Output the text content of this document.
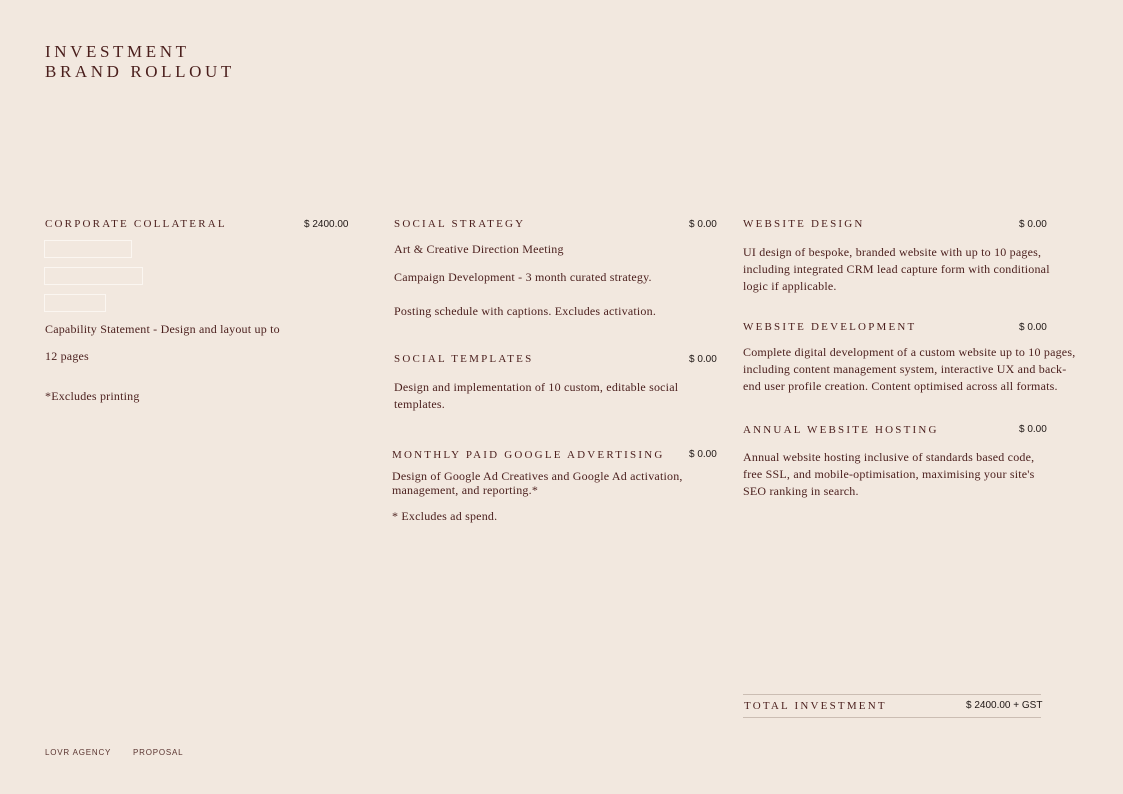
INVESTMENT
BRAND ROLLOUT
CORPORATE COLLATERAL	$ 2400.00
Capability Statement - Design and layout up to
12 pages
*Excludes printing
SOCIAL STRATEGY	$ 0.00
Art & Creative Direction Meeting
Campaign Development - 3 month curated strategy.
Posting schedule with captions. Excludes activation.
SOCIAL TEMPLATES	$ 0.00
Design and implementation of 10 custom, editable social templates.
MONTHLY PAID GOOGLE ADVERTISING $ 0.00
Design of Google Ad Creatives and Google Ad activation, management, and reporting.*
* Excludes ad spend.
WEBSITE DESIGN	$ 0.00
UI design of bespoke, branded website with up to 10 pages, including integrated CRM lead capture form with conditional logic if applicable.
WEBSITE DEVELOPMENT	$ 0.00
Complete digital development of a custom website up to 10 pages, including content management system, interactive UX and back-end user profile creation. Content optimised across all formats.
ANNUAL WEBSITE HOSTING	$ 0.00
Annual website hosting inclusive of standards based code, free SSL, and mobile-optimisation, maximising your site's SEO ranking in search.
TOTAL INVESTMENT	$ 2400.00 + GST
LOVR AGENCY	PROPOSAL
